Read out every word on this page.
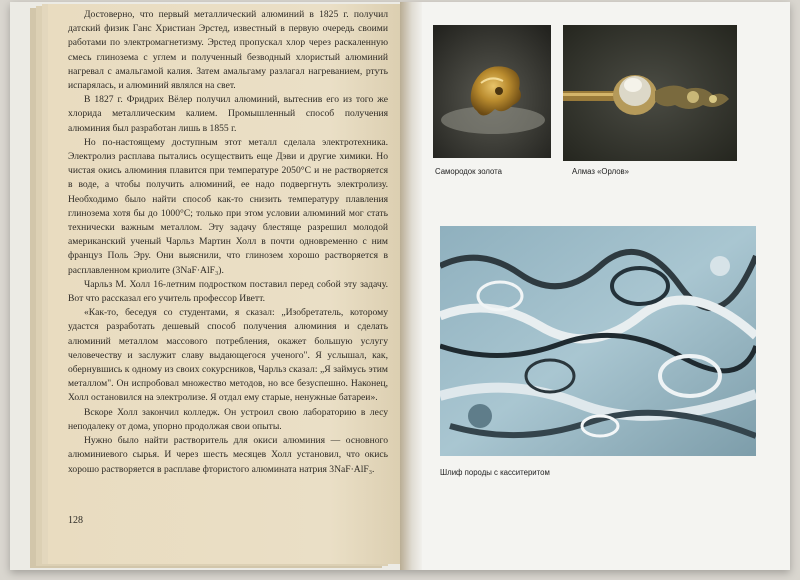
Достоверно, что первый металлический алюминий в 1825 г. получил датский физик Ганс Христиан Эрстед, известный в первую очередь своими работами по электромагнетизму. Эрстед пропускал хлор через раскаленную смесь глинозема с углем и полученный безводный хлористый алюминий нагревал с амальгамой калия. Затем амальгаму разлагал нагреванием, ртуть испарялась, и алюминий являлся на свет.

В 1827 г. Фридрих Вёлер получил алюминий, вытеснив его из того же хлорида металлическим калием. Промышленный способ получения алюминия был разработан лишь в 1855 г.

Но по-настоящему доступным этот металл сделала электротехника. Электролиз расплава пытались осуществить еще Дэви и другие химики. Но чистая окись алюминия плавится при температуре 2050°С и не растворяется в воде, а чтобы получить алюминий, ее надо подвергнуть электролизу. Необходимо было найти способ как-то снизить температуру плавления глинозема хотя бы до 1000°С; только при этом условии алюминий мог стать технически важным металлом. Эту задачу блестяще разрешил молодой американский ученый Чарльз Мартин Холл в почти одновременно с ним француз Поль Эру. Они выяснили, что глинозем хорошо растворяется в расплавленном криолите (3NaF·AlF₃).

Чарльз М. Холл 16-летним подростком поставил перед собой эту задачу. Вот что рассказал его учитель профессор Иветт.

«Как-то, беседуя со студентами, я сказал: „Изобретатель, которому удастся разработать дешевый способ получения алюминия и сделать алюминий металлом массового потребления, окажет большую услугу человечеству и заслужит славу выдающегося ученого". Я услышал, как, обернувшись к одному из своих сокурсников, Чарльз сказал: „Я займусь этим металлом". Он испробовал множество методов, но все безуспешно. Наконец, Холл остановился на электролизе. Я отдал ему старые, ненужные батареи».

Вскоре Холл закончил колледж. Он устроил свою лабораторию в лесу неподалеку от дома, упорно продолжая свои опыты.

Нужно было найти растворитель для окиси алюминия — основного алюминиевого сырья. И через шесть месяцев Холл установил, что окись хорошо растворяется в расплаве фтористого алюмината натрия 3NaF·AlF₃.

128
Самородок золота	Алмаз «Орлов»
Шлиф породы с касситеритом
